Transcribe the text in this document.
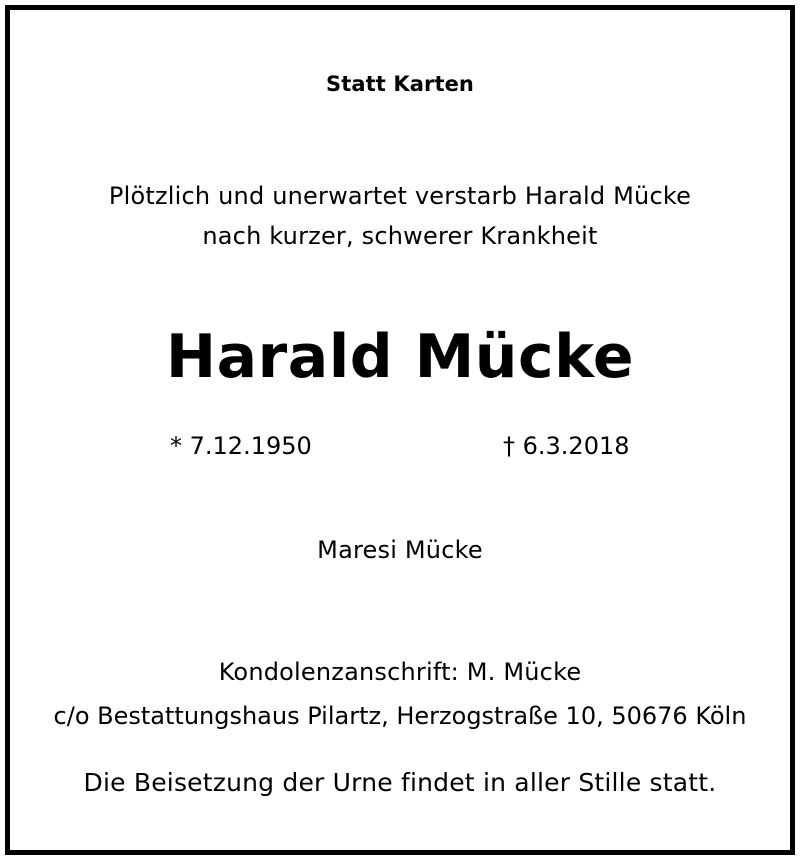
Statt Karten
Plötzlich und unerwartet verstarb Harald Mücke
nach kurzer, schwerer Krankheit
Harald Mücke
* 7.12.1950	† 6.3.2018
Maresi Mücke
Kondolenzanschrift: M. Mücke
c/o Bestattungshaus Pilartz, Herzogstraße 10, 50676 Köln
Die Beisetzung der Urne findet in aller Stille statt.
